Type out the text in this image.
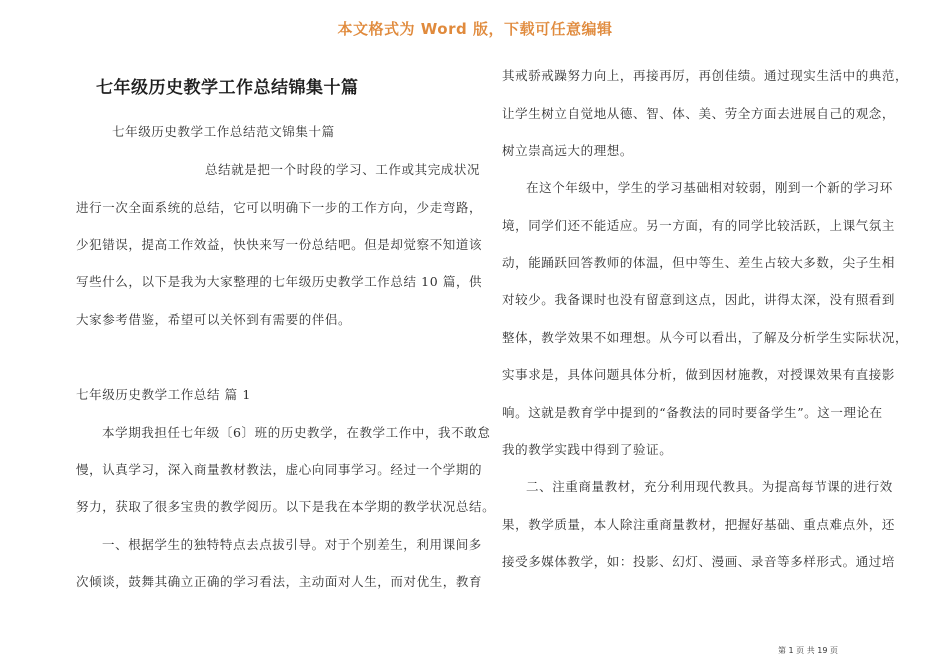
本文格式为 Word 版，下载可任意编辑
七年级历史教学工作总结锦集十篇
七年级历史教学工作总结范文锦集十篇
总结就是把一个时段的学习、工作或其完成状况
进行一次全面系统的总结，它可以明确下一步的工作方向，少走弯路，
少犯错误，提高工作效益，快快来写一份总结吧。但是却觉察不知道该
写些什么，以下是我为大家整理的七年级历史教学工作总结 10 篇，供
大家参考借鉴，希望可以关怀到有需要的伴侣。
七年级历史教学工作总结 篇 1
本学期我担任七年级〔6〕班的历史教学，在教学工作中，我不敢怠
慢，认真学习，深入商量教材教法，虚心向同事学习。经过一个学期的
努力，获取了很多宝贵的教学阅历。以下是我在本学期的教学状况总结。
一、根据学生的独特特点去点拔引导。对于个别差生，利用课间多
次倾谈，鼓舞其确立正确的学习看法，主动面对人生，而对优生，教育
其戒骄戒躁努力向上，再接再厉，再创佳绩。通过现实生活中的典范，
让学生树立自觉地从德、智、体、美、劳全方面去进展自己的观念，
树立崇高远大的理想。
在这个年级中，学生的学习基础相对较弱，刚到一个新的学习环
境，同学们还不能适应。另一方面，有的同学比较活跃，上课气氛主
动，能踊跃回答教师的体温，但中等生、差生占较大多数，尖子生相
对较少。我备课时也没有留意到这点，因此，讲得太深，没有照看到
整体，教学效果不如理想。从今可以看出，了解及分析学生实际状况，
实事求是，具体问题具体分析，做到因材施教，对授课效果有直接影
响。这就是教育学中提到的“备教法的同时要备学生”。这一理论在
我的教学实践中得到了验证。
二、注重商量教材，充分利用现代教具。为提高每节课的进行效
果，教学质量，本人除注重商量教材，把握好基础、重点难点外，还
接受多媒体教学，如：投影、幻灯、漫画、录音等多样形式。通过培
第 1 页 共 19 页
